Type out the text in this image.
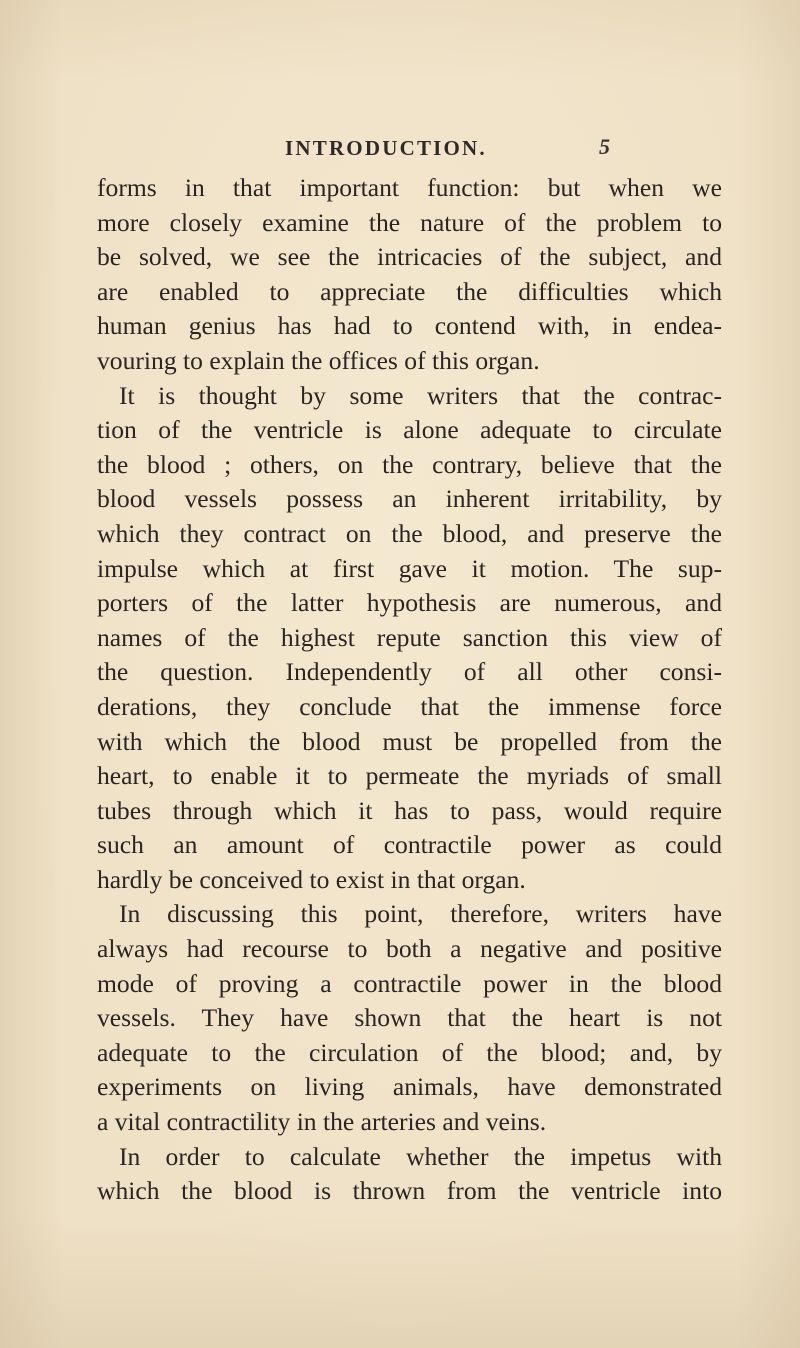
INTRODUCTION.	5
forms in that important function: but when we
more closely examine the nature of the problem to
be solved, we see the intricacies of the subject, and
are enabled to appreciate the difficulties which
human genius has had to contend with, in endea-
vouring to explain the offices of this organ.
It is thought by some writers that the contrac-
tion of the ventricle is alone adequate to circulate
the blood ; others, on the contrary, believe that the
blood vessels possess an inherent irritability, by
which they contract on the blood, and preserve the
impulse which at first gave it motion. The sup-
porters of the latter hypothesis are numerous, and
names of the highest repute sanction this view of
the question. Independently of all other consi-
derations, they conclude that the immense force
with which the blood must be propelled from the
heart, to enable it to permeate the myriads of small
tubes through which it has to pass, would require
such an amount of contractile power as could
hardly be conceived to exist in that organ.
In discussing this point, therefore, writers have
always had recourse to both a negative and positive
mode of proving a contractile power in the blood
vessels. They have shown that the heart is not
adequate to the circulation of the blood; and, by
experiments on living animals, have demonstrated
a vital contractility in the arteries and veins.
In order to calculate whether the impetus with
which the blood is thrown from the ventricle into
